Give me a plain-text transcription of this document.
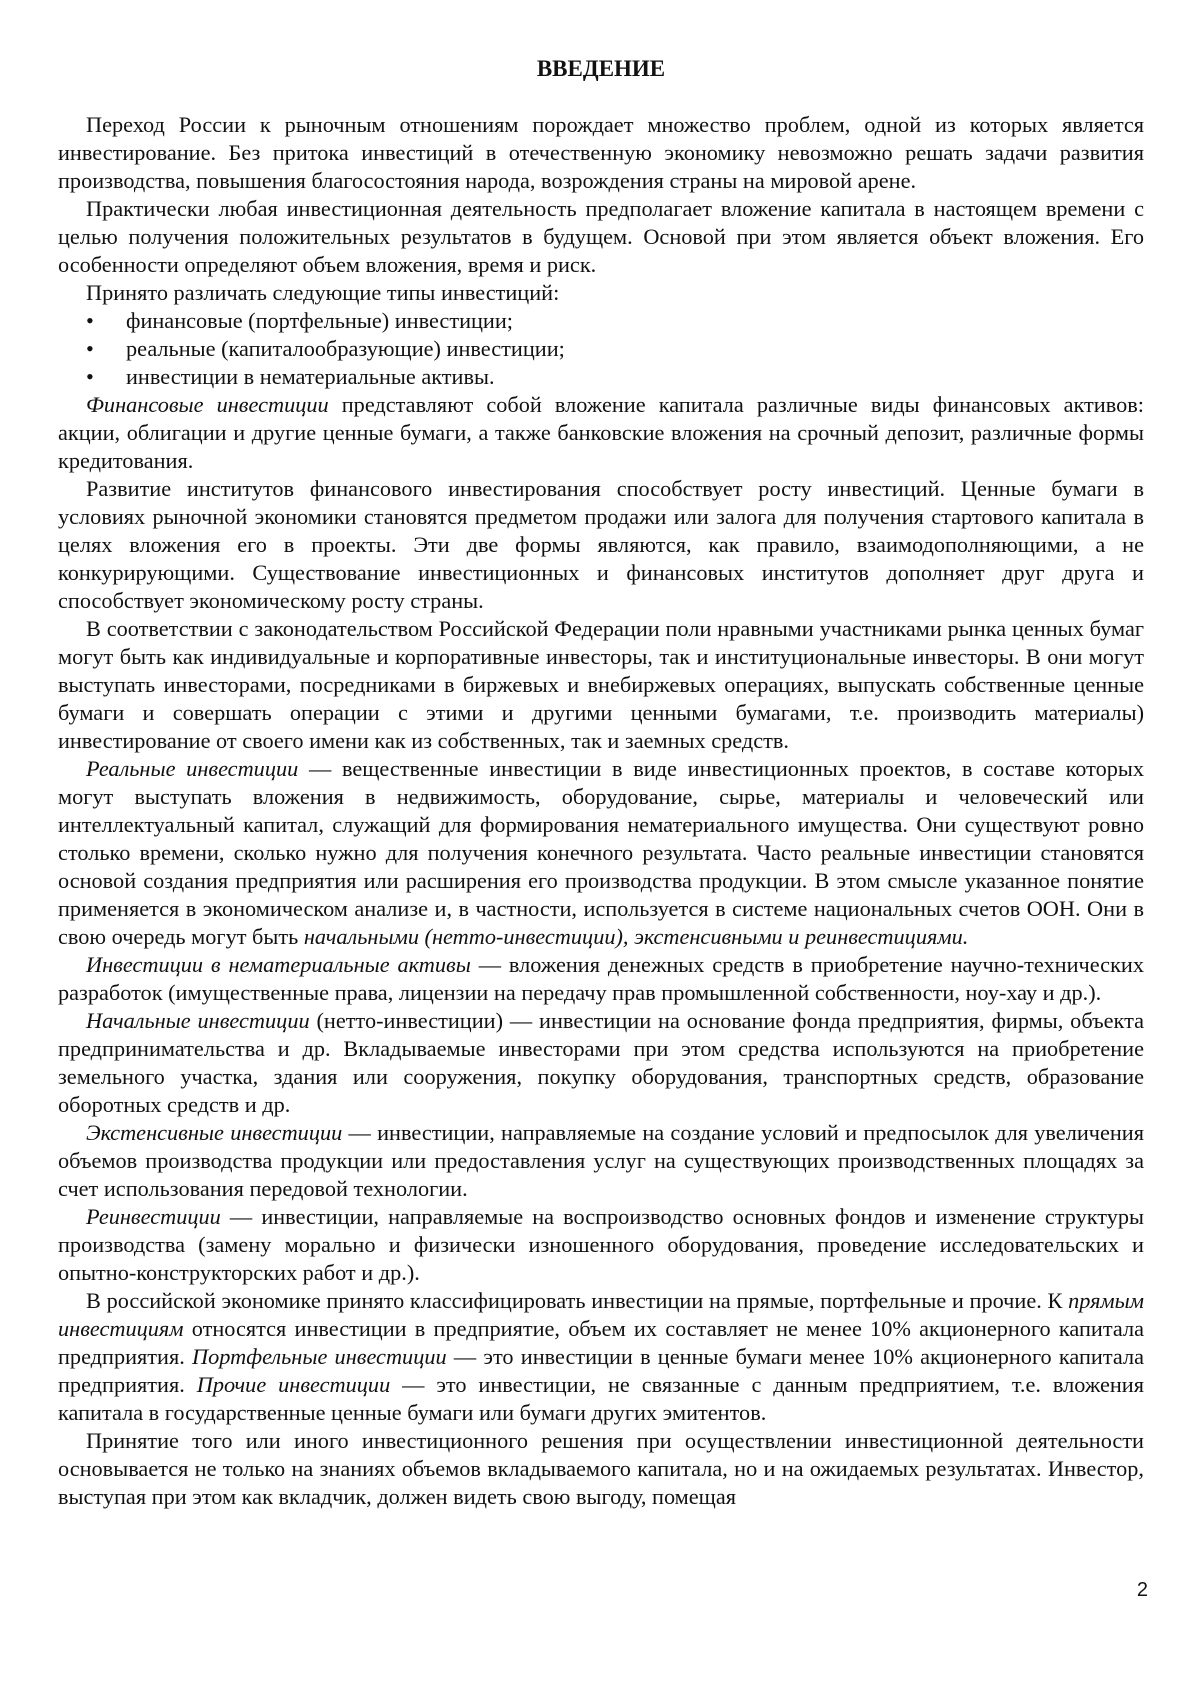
ВВЕДЕНИЕ

Переход России к рыночным отношениям порождает множество проблем, одной из которых является инвестирование. Без притока инвестиций в отечественную экономику невозможно решать задачи развития производства, повышения благосостояния народа, возрождения страны на мировой арене.

Практически любая инвестиционная деятельность предполагает вложение капитала в настоящем времени с целью получения положительных результатов в будущем. Основой при этом является объект вложения. Его особенности определяют объем вложения, время и риск.

Принято различать следующие типы инвестиций:

• финансовые (портфельные) инвестиции;
• реальные (капиталообразующие) инвестиции;
• инвестиции в нематериальные активы.

Финансовые инвестиции представляют собой вложение капитала различные виды финансовых активов: акции, облигации и другие ценные бумаги, а также банковские вложения на срочный депозит, различные формы кредитования.

Развитие институтов финансового инвестирования способствует росту инвестиций. Ценные бумаги в условиях рыночной экономики становятся предметом продажи или залога для получения стартового капитала в целях вложения его в проекты. Эти две формы являются, как правило, взаимодополняющими, а не конкурирующими. Существование инвестиционных и финансовых институтов дополняет друг друга и способствует экономическому росту страны.

В соответствии с законодательством Российской Федерации поли нравными участниками рынка ценных бумаг могут быть как индивидуальные и корпоративные инвесторы, так и институциональные инвесторы. В они могут выступать инвесторами, посредниками в биржевых и внебиржевых операциях, выпускать собственные ценные бумаги и совершать операции с этими и другими ценными бумагами, т.е. производить материалы) инвестирование от своего имени как из собственных, так и заемных средств.

Реальные инвестиции — вещественные инвестиции в виде инвестиционных проектов, в составе которых могут выступать вложения в недвижимость, оборудование, сырье, материалы и человеческий или интеллектуальный капитал, служащий для формирования нематериального имущества. Они существуют ровно столько времени, сколько нужно для получения конечного результата. Часто реальные инвестиции становятся основой создания предприятия или расширения его производства продукции. В этом смысле указанное понятие применяется в экономическом анализе и, в частности, используется в системе национальных счетов ООН. Они в свою очередь могут быть начальными (нетто-инвестиции), экстенсивными и реинвестициями.

Инвестиции в нематериальные активы — вложения денежных средств в приобретение научно-технических разработок (имущественные права, лицензии на передачу прав промышленной собственности, ноу-хау и др.).

Начальные инвестиции (нетто-инвестиции) — инвестиции на основание фонда предприятия, фирмы, объекта предпринимательства и др. Вкладываемые инвесторами при этом средства используются на приобретение земельного участка, здания или сооружения, покупку оборудования, транспортных средств, образование оборотных средств и др.

Экстенсивные инвестиции — инвестиции, направляемые на создание условий и предпосылок для увеличения объемов производства продукции или предоставления услуг на существующих производственных площадях за счет использования передовой технологии.

Реинвестиции — инвестиции, направляемые на воспроизводство основных фондов и изменение структуры производства (замену морально и физически изношенного оборудования, проведение исследовательских и опытно-конструкторских работ и др.).

В российской экономике принято классифицировать инвестиции на прямые, портфельные и прочие. К прямым инвестициям относятся инвестиции в предприятие, объем их составляет не менее 10% акционерного капитала предприятия. Портфельные инвестиции — это инвестиции в ценные бумаги менее 10% акционерного капитала предприятия. Прочие инвестиции — это инвестиции, не связанные с данным предприятием, т.е. вложения капитала в государственные ценные бумаги или бумаги других эмитентов.

Принятие того или иного инвестиционного решения при осуществлении инвестиционной деятельности основывается не только на знаниях объемов вкладываемого капитала, но и на ожидаемых результатах. Инвестор, выступая при этом как вкладчик, должен видеть свою выгоду, помещая

2
